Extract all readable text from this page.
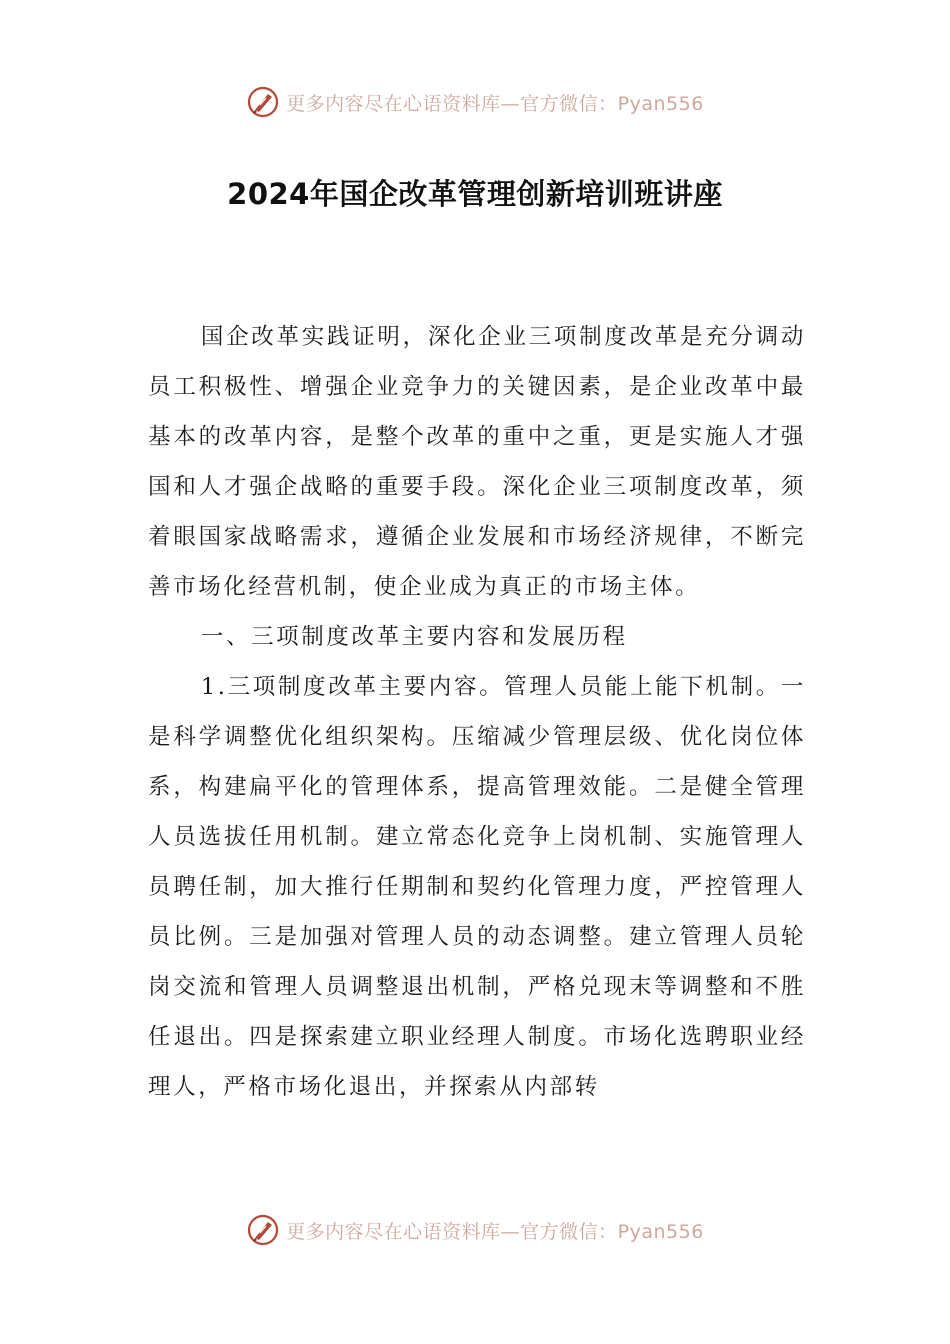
更多内容尽在心语资料库—官方微信：Pyan556
2024年国企改革管理创新培训班讲座

国企改革实践证明，深化企业三项制度改革是充分调动员工积极性、增强企业竞争力的关键因素，是企业改革中最基本的改革内容，是整个改革的重中之重，更是实施人才强国和人才强企战略的重要手段。深化企业三项制度改革，须着眼国家战略需求，遵循企业发展和市场经济规律，不断完善市场化经营机制，使企业成为真正的市场主体。

一、三项制度改革主要内容和发展历程

1.三项制度改革主要内容。管理人员能上能下机制。一是科学调整优化组织架构。压缩减少管理层级、优化岗位体系，构建扁平化的管理体系，提高管理效能。二是健全管理人员选拔任用机制。建立常态化竞争上岗机制、实施管理人员聘任制，加大推行任期制和契约化管理力度，严控管理人员比例。三是加强对管理人员的动态调整。建立管理人员轮岗交流和管理人员调整退出机制，严格兑现末等调整和不胜任退出。四是探索建立职业经理人制度。市场化选聘职业经理人，严格市场化退出，并探索从内部转

更多内容尽在心语资料库—官方微信：Pyan556
